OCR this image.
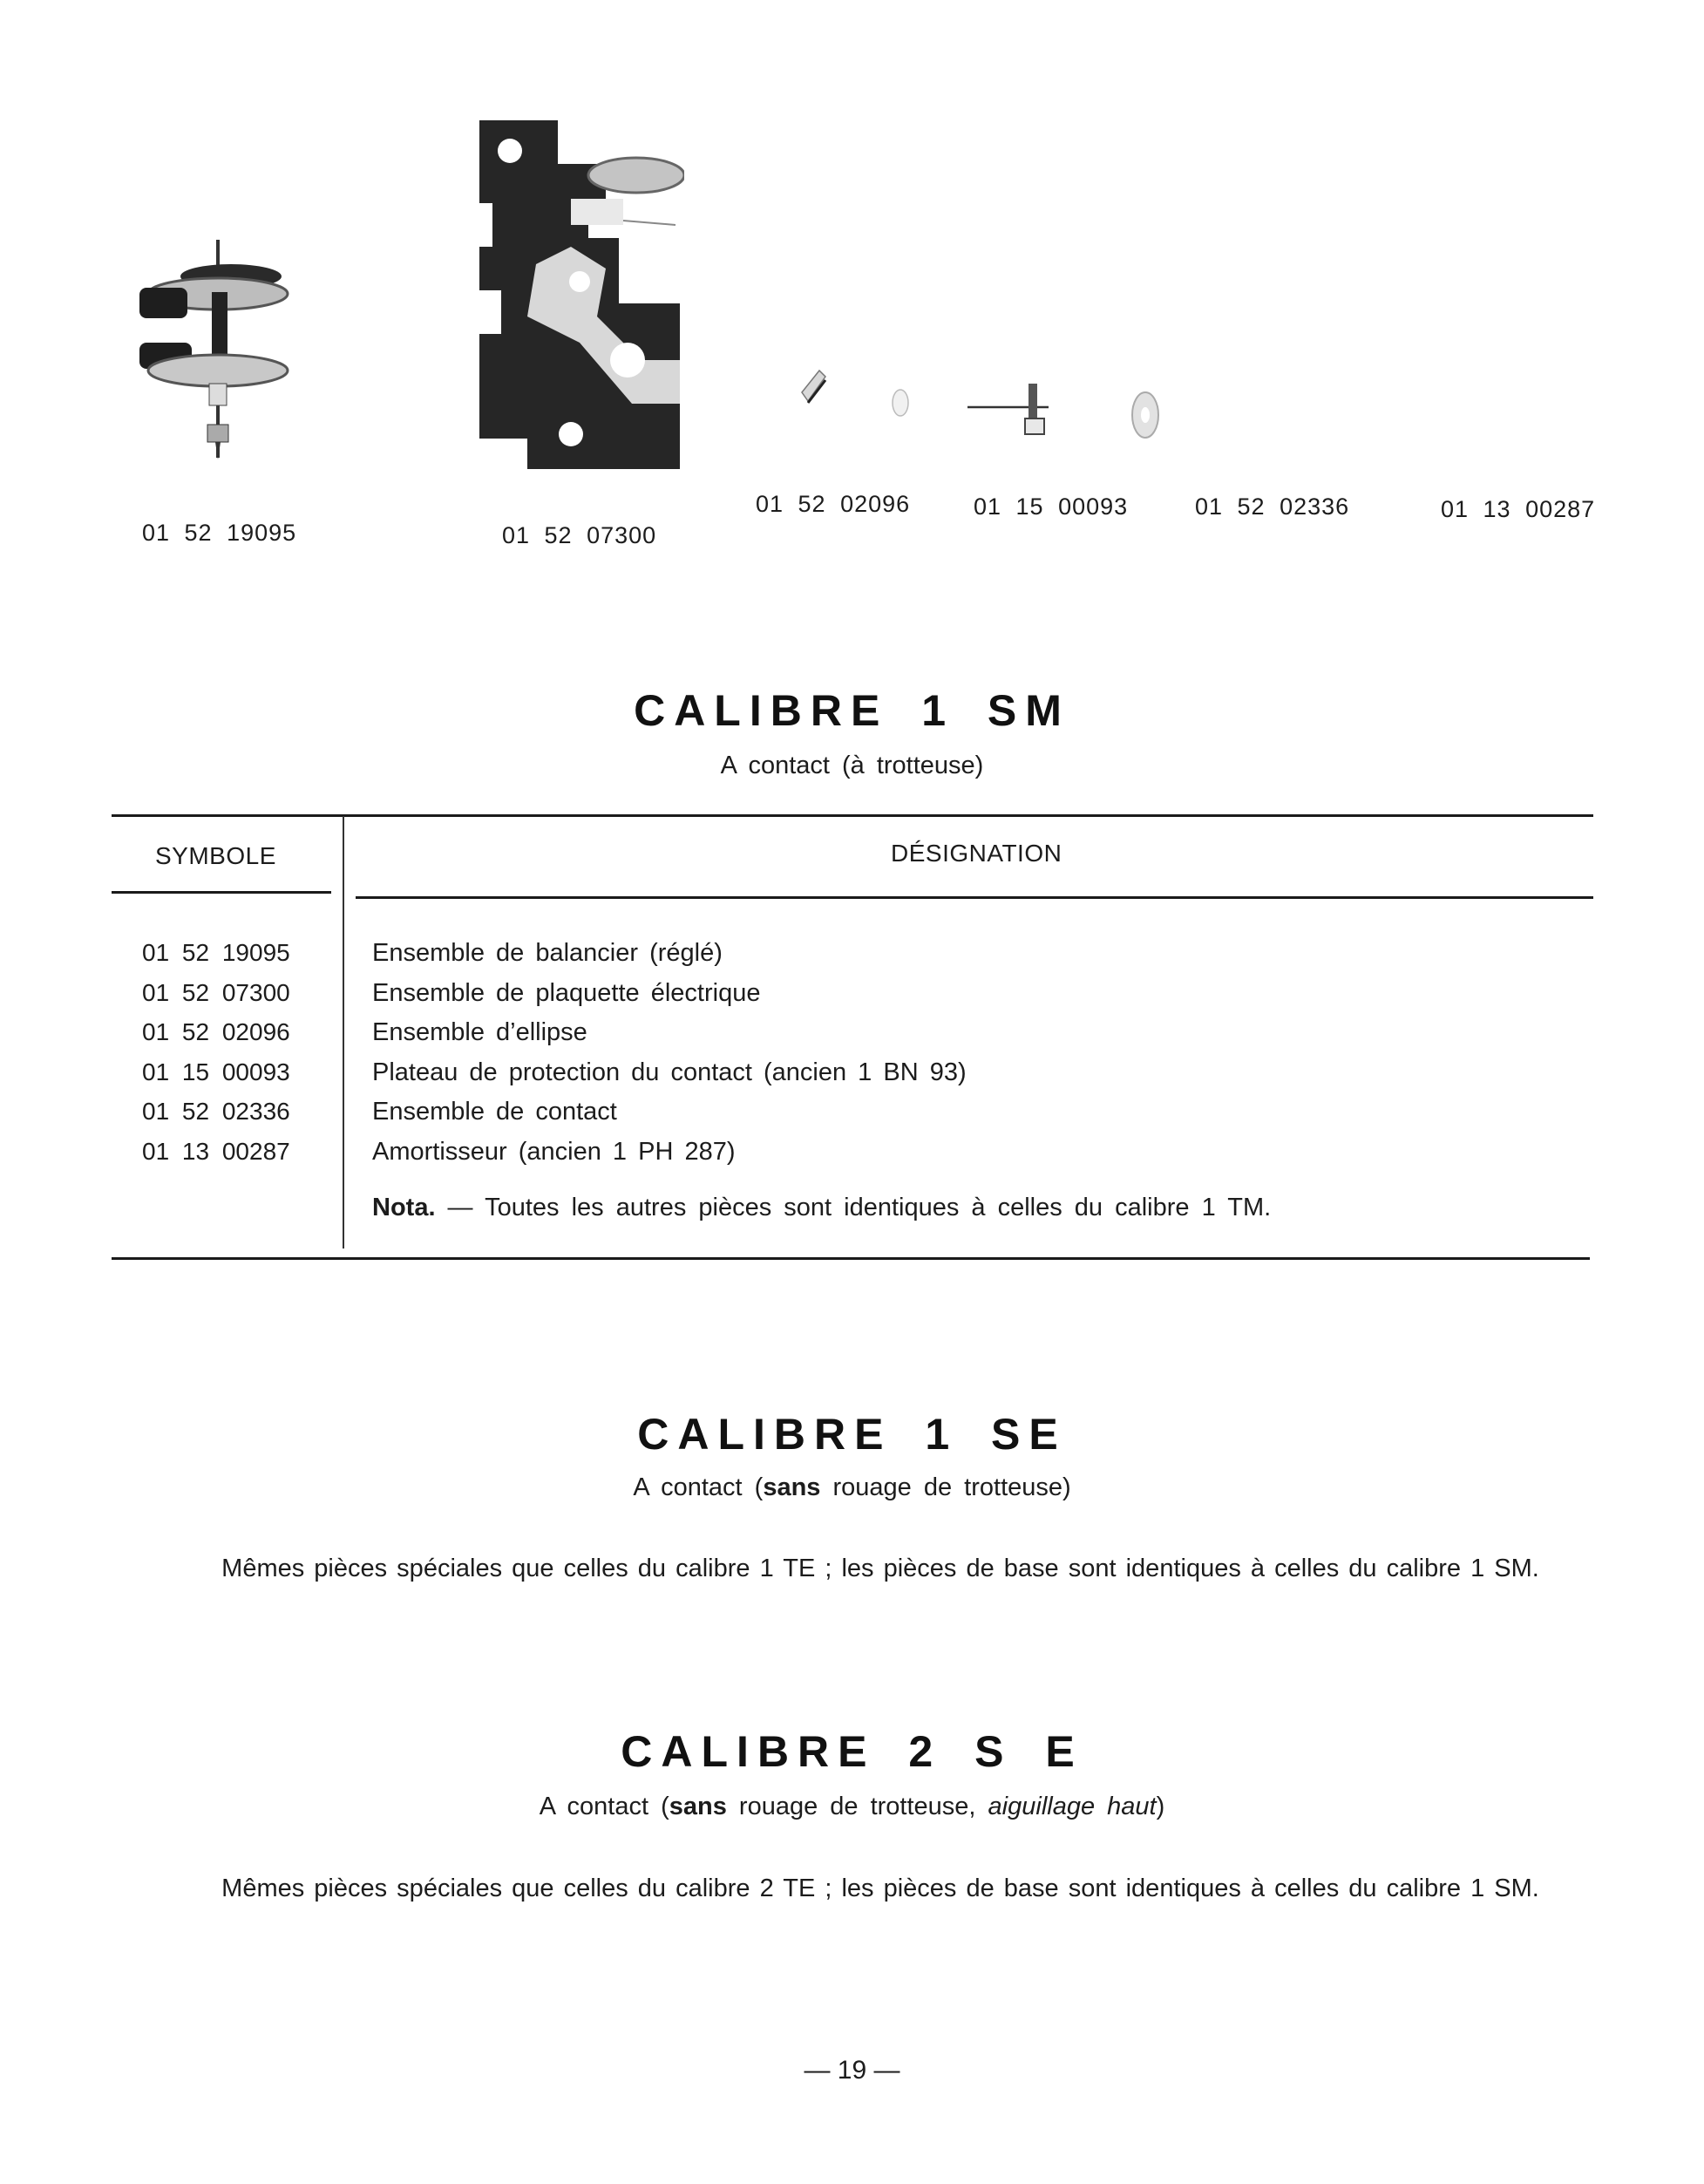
01 52 19095	01 52 07300
01 52 02096	01 15 00093	01 52 02336	01 13 00287
CALIBRE 1 SM
A contact (à trotteuse)
SYMBOLE	DÉSIGNATION
01 52 19095	Ensemble de balancier (réglé)
01 52 07300	Ensemble de plaquette électrique
01 52 02096	Ensemble d’ellipse
01 15 00093	Plateau de protection du contact (ancien 1 BN 93)
01 52 02336	Ensemble de contact
01 13 00287	Amortisseur (ancien 1 PH 287)
Nota. — Toutes les autres pièces sont identiques à celles du calibre 1 TM.
CALIBRE 1 SE
A contact (sans rouage de trotteuse)
Mêmes pièces spéciales que celles du calibre 1 TE ; les pièces de base sont identiques à celles du calibre 1 SM.
CALIBRE 2 S E
A contact (sans rouage de trotteuse, aiguillage haut)
Mêmes pièces spéciales que celles du calibre 2 TE ; les pièces de base sont identiques à celles du calibre 1 SM.
— 19 —
